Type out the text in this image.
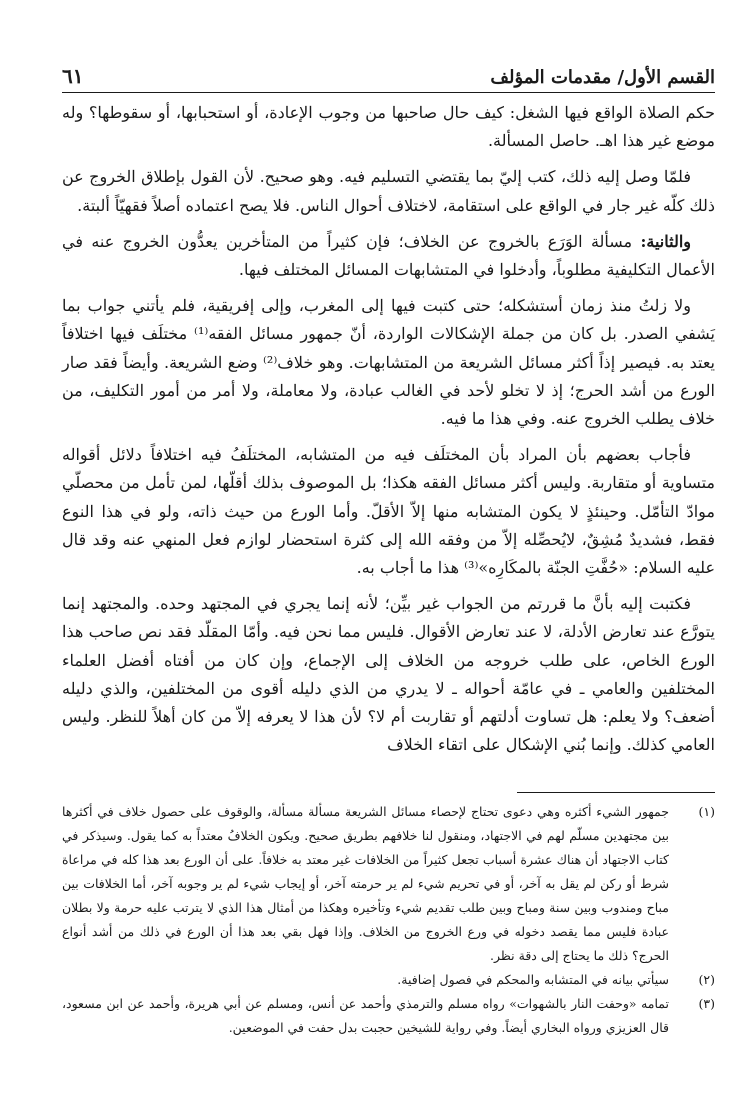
القسم الأول/ مقدمات المؤلف
٦١

حكم الصلاة الواقع فيها الشغل: كيف حال صاحبها من وجوب الإعادة، أو استحبابها، أو سقوطها؟ وله موضع غير هذا اهـ. حاصل المسألة.

فلمّا وصل إليه ذلك، كتب إليّ بما يقتضي التسليم فيه. وهو صحيح. لأن القول بإطلاق الخروج عن ذلك كلّه غير جار في الواقع على استقامة، لاختلاف أحوال الناس. فلا يصح اعتماده أصلاً فقهيّاً ألبتة.

والثانية: مسألة الوَرَع بالخروج عن الخلاف؛ فإن كثيراً من المتأخرين يعدُّون الخروج عنه في الأعمال التكليفية مطلوباً، وأدخلوا في المتشابهات المسائل المختلف فيها.

ولا زلتُ منذ زمان أستشكله؛ حتى كتبت فيها إلى المغرب، وإلى إفريقية، فلم يأتني جواب بما يَشفي الصدر. بل كان من جملة الإشكالات الواردة، أنّ جمهور مسائل الفقه⁽¹⁾ مختلَف فيها اختلافاً يعتد به. فيصير إذاً أكثر مسائل الشريعة من المتشابهات. وهو خلاف⁽²⁾ وضع الشريعة. وأيضاً فقد صار الورع من أشد الحرج؛ إذ لا تخلو لأحد في الغالب عبادة، ولا معاملة، ولا أمر من أمور التكليف، من خلاف يطلب الخروج عنه. وفي هذا ما فيه.

فأجاب بعضهم بأن المراد بأن المختلَف فيه من المتشابه، المختلَفُ فيه اختلافاً دلائل أقواله متساوية أو متقاربة. وليس أكثر مسائل الفقه هكذا؛ بل الموصوف بذلك أقلّها، لمن تأمل من محصلّي موادّ التأمّل. وحينئذٍ لا يكون المتشابه منها إلاّ الأقلّ. وأما الورع من حيث ذاته، ولو في هذا النوع فقط، فشديدٌ مُشِقٌ، لايُحصِّله إلاّ من وفقه الله إلى كثرة استحضار لوازم فعل المنهي عنه وقد قال عليه السلام: «حُفَّتِ الجنّة بالمكَارِه»⁽³⁾ هذا ما أجاب به.

فكتبت إليه بأنَّ ما قررتم من الجواب غير بيِّن؛ لأنه إنما يجري في المجتهد وحده. والمجتهد إنما يتورَّع عند تعارض الأدلة، لا عند تعارض الأقوال. فليس مما نحن فيه. وأمّا المقلّد فقد نص صاحب هذا الورع الخاص، على طلب خروجه من الخلاف إلى الإجماع، وإن كان من أفتاه أفضل العلماء المختلفين والعامي ـ في عامّة أحواله ـ لا يدري من الذي دليله أقوى من المختلفين، والذي دليله أضعف؟ ولا يعلم: هل تساوت أدلتهم أو تقاربت أم لا؟ لأن هذا لا يعرفه إلاّ من كان أهلاً للنظر. وليس العامي كذلك. وإنما بُني الإشكال على اتقاء الخلاف

(١)

جمهور الشيء أكثره وهي دعوى تحتاج لإحصاء مسائل الشريعة مسألة مسألة، والوقوف على حصول خلاف في أكثرها بين مجتهدين مسلّم لهم في الاجتهاد، ومنقول لنا خلافهم بطريق صحيح. ويكون الخلافُ معتداً به كما يقول. وسيذكر في كتاب الاجتهاد أن هناك عشرة أسباب تجعل كثيراً من الخلافات غير معتد به خلافاً. على أن الورع بعد هذا كله في مراعاة شرط أو ركن لم يقل به آخر، أو في تحريم شيء لم ير حرمته آخر، أو إيجاب شيء لم ير وجوبه آخر، أما الخلافات بين مباح ومندوب وبين سنة ومباح وبين طلب تقديم شيء وتأخيره وهكذا من أمثال هذا الذي لا يترتب عليه حرمة ولا بطلان عبادة فليس مما يقصد دخوله في ورع الخروج من الخلاف. وإذا فهل بقي بعد هذا أن الورع في ذلك من أشد أنواع الحرج؟ ذلك ما يحتاج إلى دقة نظر.

(٢)

سيأتي بيانه في المتشابه والمحكم في فصول إضافية.

(٣)

تمامه «وحفت النار بالشهوات» رواه مسلم والترمذي وأحمد عن أنس، ومسلم عن أبي هريرة، وأحمد عن ابن مسعود، قال العزيزي ورواه البخاري أيضاً. وفي رواية للشيخين حجبت بدل حفت في الموضعين.
